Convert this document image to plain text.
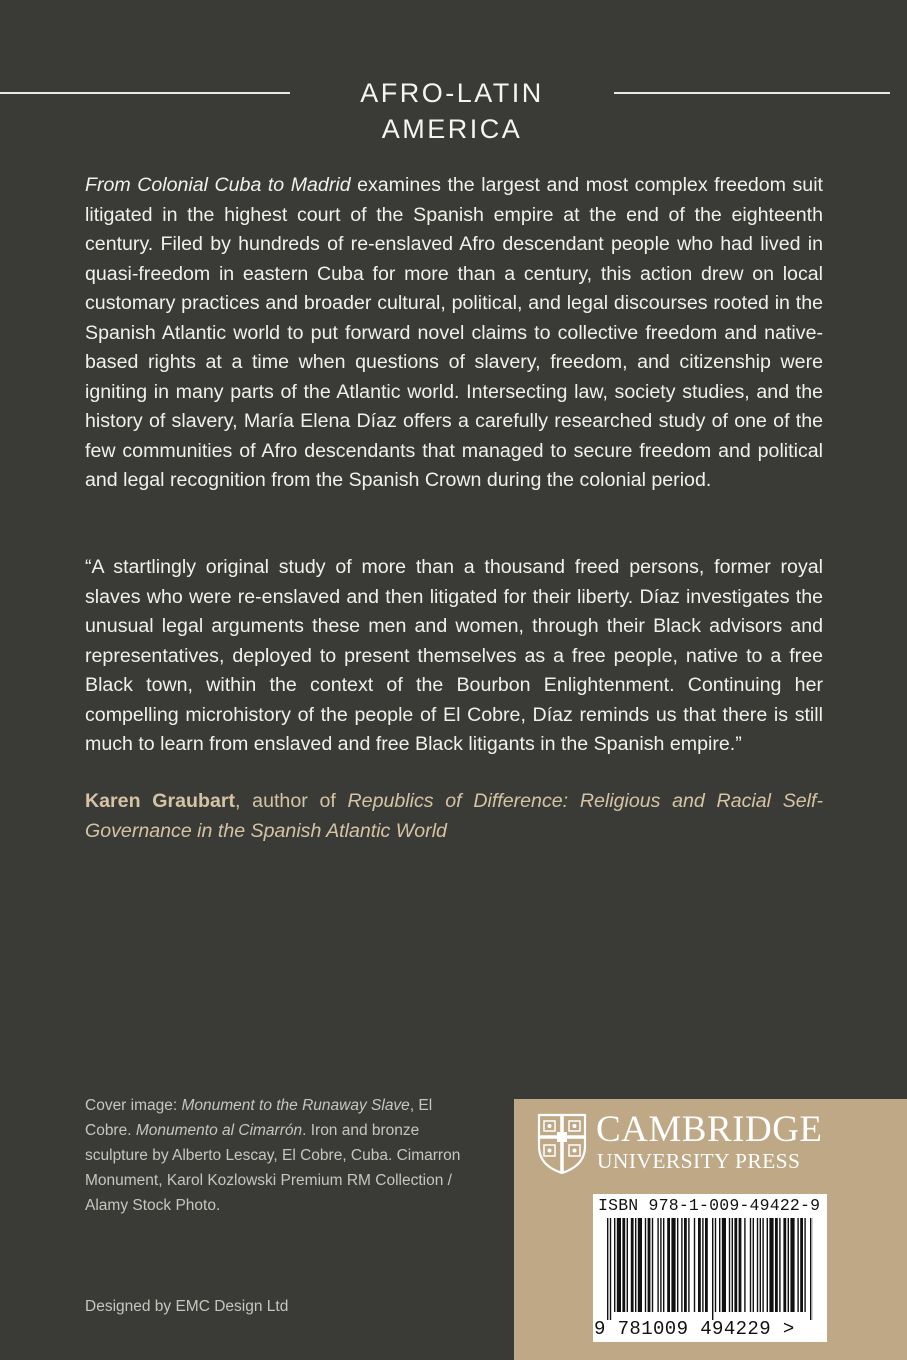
AFRO-LATIN AMERICA

From Colonial Cuba to Madrid examines the largest and most complex freedom suit litigated in the highest court of the Spanish empire at the end of the eighteenth century. Filed by hundreds of re-enslaved Afro descendant people who had lived in quasi-freedom in eastern Cuba for more than a century, this action drew on local customary practices and broader cultural, political, and legal discourses rooted in the Spanish Atlantic world to put forward novel claims to collective freedom and native-based rights at a time when questions of slavery, freedom, and citizenship were igniting in many parts of the Atlantic world. Intersecting law, society studies, and the history of slavery, María Elena Díaz offers a carefully researched study of one of the few communities of Afro descendants that managed to secure freedom and political and legal recognition from the Spanish Crown during the colonial period.

“A startlingly original study of more than a thousand freed persons, former royal slaves who were re-enslaved and then litigated for their liberty. Díaz investigates the unusual legal arguments these men and women, through their Black advisors and representatives, deployed to present themselves as a free people, native to a free Black town, within the context of the Bourbon Enlightenment. Continuing her compelling microhistory of the people of El Cobre, Díaz reminds us that there is still much to learn from enslaved and free Black litigants in the Spanish empire.”

Karen Graubart, author of Republics of Difference: Religious and Racial Self-Governance in the Spanish Atlantic World

Cover image: Monument to the Runaway Slave, El Cobre. Monumento al Cimarrón. Iron and bronze sculpture by Alberto Lescay, El Cobre, Cuba. Cimarron Monument, Karol Kozlowski Premium RM Collection / Alamy Stock Photo.

Designed by EMC Design Ltd
CAMBRIDGE
UNIVERSITY PRESS
ISBN 978-1-009-49422-9
9 781009 494229 >
